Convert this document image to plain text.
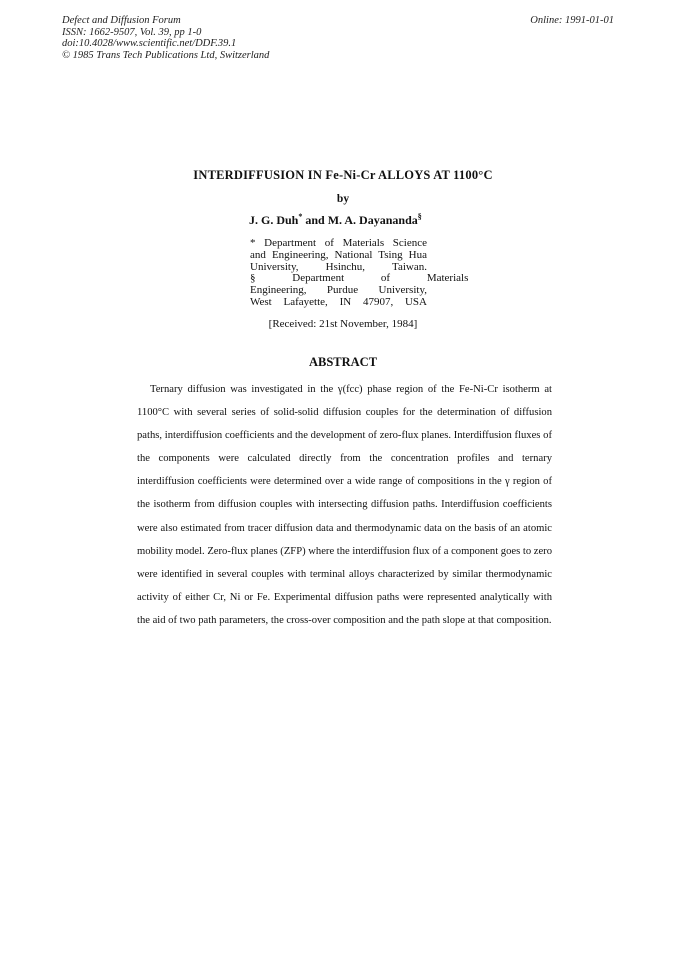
Defect and Diffusion Forum
ISSN: 1662-9507, Vol. 39, pp 1-0
doi:10.4028/www.scientific.net/DDF.39.1
© 1985 Trans Tech Publications Ltd, Switzerland
Online: 1991-01-01
INTERDIFFUSION IN Fe-Ni-Cr ALLOYS AT 1100°C
by
J. G. Duh* and M. A. Dayananda§
* Department of Materials Science
and Engineering, National Tsing Hua
University, Hsinchu, Taiwan.
§ Department of Materials
Engineering, Purdue University,
West Lafayette, IN 47907, USA
[Received: 21st November, 1984]
ABSTRACT

Ternary diffusion was investigated in the γ(fcc) phase region of the Fe-Ni-Cr isotherm at 1100°C with several series of solid-solid diffusion couples for the determination of diffusion paths, interdiffusion coefficients and the development of zero-flux planes. Interdiffusion fluxes of the components were calculated directly from the concentration profiles and ternary interdiffusion coefficients were determined over a wide range of compositions in the γ region of the isotherm from diffusion couples with intersecting diffusion paths. Interdiffusion coefficients were also estimated from tracer diffusion data and thermodynamic data on the basis of an atomic mobility model. Zero-flux planes (ZFP) where the interdiffusion flux of a component goes to zero were identified in several couples with terminal alloys characterized by similar thermodynamic activity of either Cr, Ni or Fe. Experimental diffusion paths were represented analytically with the aid of two path parameters, the cross-over composition and the path slope at that composition.
